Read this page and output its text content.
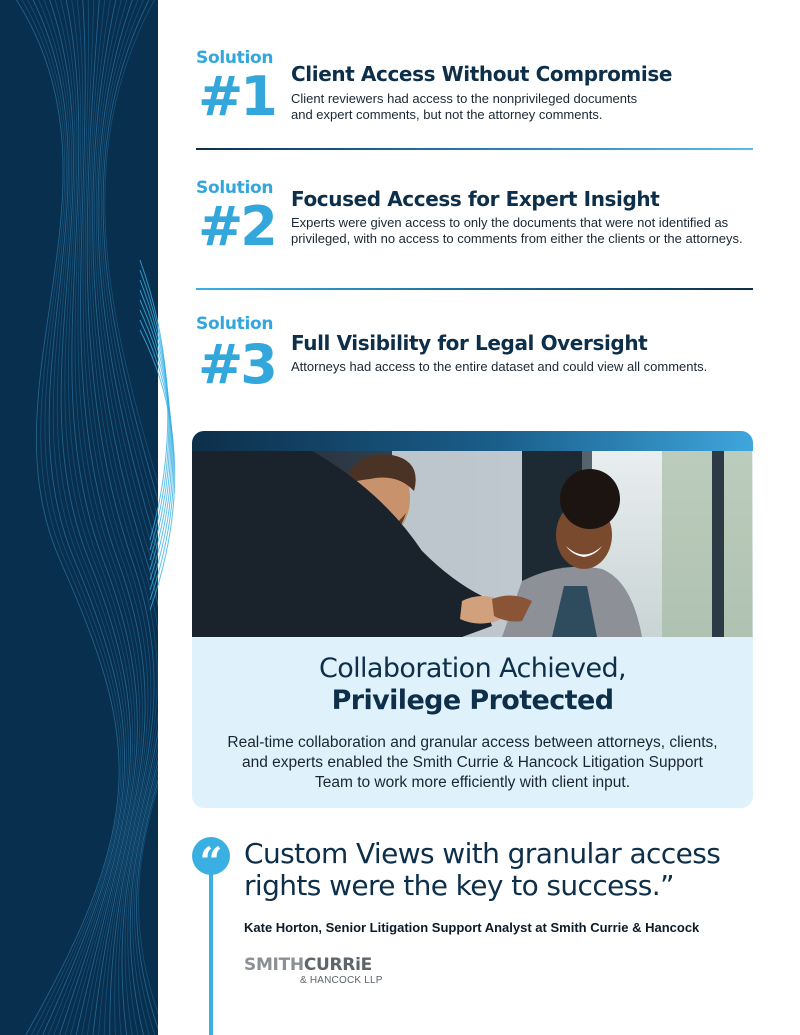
Solution
#1 Client Access Without Compromise
Client reviewers had access to the nonprivileged documents and expert comments, but not the attorney comments.
Solution
#2 Focused Access for Expert Insight
Experts were given access to only the documents that were not identified as privileged, with no access to comments from either the clients or the attorneys.
Solution
#3 Full Visibility for Legal Oversight
Attorneys had access to the entire dataset and could view all comments.
Collaboration Achieved,
Privilege Protected
Real-time collaboration and granular access between attorneys, clients, and experts enabled the Smith Currie & Hancock Litigation Support Team to work more efficiently with client input.
“ Custom Views with granular access rights were the key to success.”
Kate Horton, Senior Litigation Support Analyst at Smith Currie & Hancock
SMITHCURRiE
& HANCOCK LLP
